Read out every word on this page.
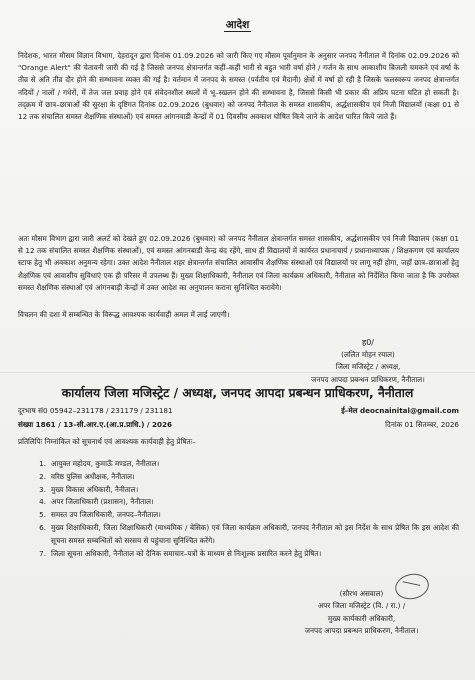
आदेश
निदेशक, भारत मौसम विज्ञान विभाग, देहरादून द्वारा दिनांक 01.09.2026 को जारी किए गए मौसम पूर्वानुमान के अनुसार जनपद नैनीताल में दिनांक 02.09.2026 को "Orange Alert" की चेतावनी जारी की गई है जिससे जनपद क्षेत्रान्तर्गत कहीं–कहीं भारी से बहुत भारी वर्षा होने / गर्जन के साथ आकाशीय बिजली चमकने एवं वर्षा के तीव्र से अति तीव्र दौर होने की सम्भावना व्यक्त की गई है। वर्तमान में जनपद के समस्त (पर्वतीय एवं मैदानी) क्षेत्रों में वर्षा हो रही है जिसके फलस्वरूप जनपद क्षेत्रान्तर्गत नदियों / नालों / गधेरों, में तेज जल प्रवाह होने एवं संवेदनशील स्थलों में भू–स्खलन होने की सम्भावना है, जिससे किसी भी प्रकार की अप्रिय घटना घटित हो सकती है। तद्क्रम में छात्र–छात्राओं की सुरक्षा के दृष्टिगत दिनांक 02.09.2026 (बुधवार) को जनपद नैनीताल के समस्त शासकीय, अर्द्धशासकीय एवं निजी विद्यालयों (कक्षा 01 से 12 तक संचालित समस्त शैक्षणिक संस्थाओं) एवं समस्त आंगनवाडी केन्द्रों में 01 दिवसीय अवकाश घोषित किये जाने के आदेश पारित किये जाते हैं।
अतः मौसम विभाग द्वारा जारी अलर्ट को देखते हुए 02.09.2026 (बुधवार) को जनपद नैनीताल क्षेत्रान्तर्गत समस्त शासकीय, अर्द्धशासकीय एवं निजी विद्यालय (कक्षा 01 से 12 तक संचालित समस्त शैक्षणिक संस्थाओं), एवं समस्त आंगनबाडी केन्द्र बंद रहेंगे, साथ ही विद्यालयों में कार्यरत प्रधानाचार्य / प्रधानाध्यापक / शिक्षकगण एवं कार्यालय स्टाफ हेतु भी अवकाश अनुमन्य रहेगा। उक्त आदेश नैनीताल शहर क्षेत्रान्तर्गत संचालित आवासीय शैक्षणिक संस्थाओं एवं विद्यालयों पर लागू नहीं होगा, जहाँ छात्र–छात्राओं हेतु शैक्षणिक एवं आवासीय सुविधाएं एक ही परिसर में उपलब्ध हैं। मुख्य शिक्षाधिकारी, नैनीताल एवं जिला कार्यक्रम अधिकारी, नैनीताल को निर्देशित किया जाता है कि उपरोक्त समस्त शैक्षणिक संस्थाओं एवं आंगनबाड़ी केन्द्रों में उक्त आदेश का अनुपालन कराना सुनिश्चित करायेंगे।
विचलन की दशा में सम्बन्धित के विरूद्ध आवश्यक कार्यवाही अमल में लाई जाएगी।
ह0/
(ललित मोहन रयाल)
जिला मजिस्ट्रेट / अध्यक्ष,
जनपद आपदा प्रबन्धन प्राधिकरण, नैनीताल।
कार्यालय जिला मजिस्ट्रेट / अध्यक्ष, जनपद आपदा प्रबन्धन प्राधिकरण, नैनीताल
दूरभाष सं0 05942–231178 / 231179 / 231181	ई–मेल deocnainital@gmail.com
संख्या 1861 / 13–सी.आर.ए.(आ.प्र.प्राधि.) / 2026	दिनांक 01 सितम्बर, 2026
प्रतिलिपिः निम्नांकित को सूचनार्थ एवं आवश्यक कार्यवाही हेतु प्रेषितः–
1. आयुक्त महोदय, कुमाऊँ मण्डल, नैनीताल।
2. वरिष्ठ पुलिस अधीक्षक, नैनीताल।
3. मुख्य विकास अधिकारी, नैनीताल।
4. अपर जिलाधिकारी (प्रशासन), नैनीताल।
5. समस्त उप जिलाधिकारी, जनपद–नैनीताल।
6. मुख्य शिक्षाधिकारी, जिला शिक्षाधिकारी (माध्यमिक / बेसिक) एवं जिला कार्यक्रम अधिकारी, जनपद नैनीताल को इस निर्देश के साथ प्रेषित कि इस आदेश की सूचना समस्त सम्बन्धितों को सरसय से पहुंचाना सुनिश्चित करेंगे।
7. जिला सूचना अधिकारी, नैनीताल को दैनिक समाचार–पत्रों के माध्यम से निःशुल्क प्रसारित करने हेतु प्रेषित।
(सौरभ असवाल)
अपर जिला मजिस्ट्रेट (वि. / रा.) /
मुख्य कार्यकारी अधिकारी,
जनपद आपदा प्रबन्धन प्राधिकरण, नैनीताल।
